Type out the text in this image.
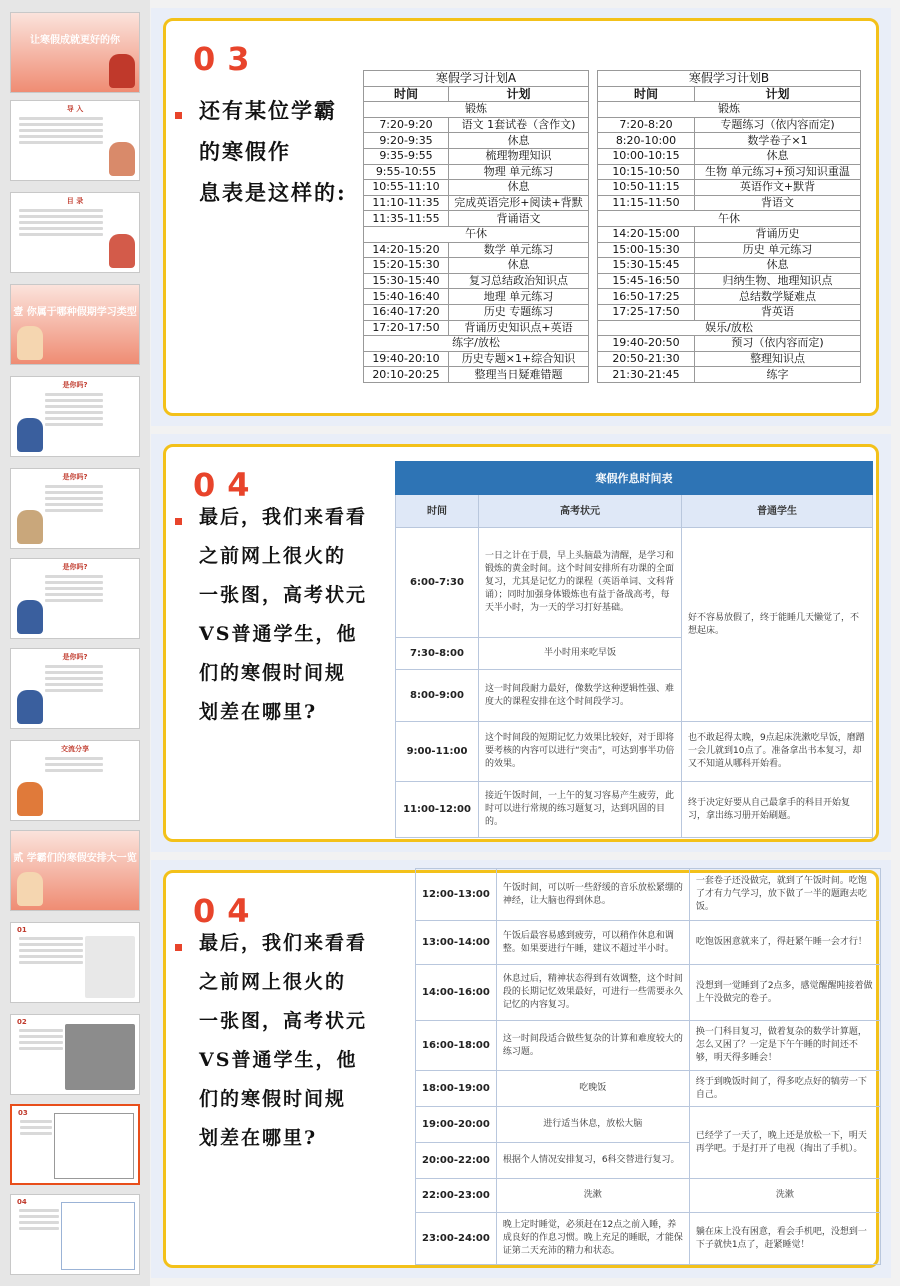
让寒假成就更好的你
导 入
目 录
壹 你属于哪种假期学习类型
是你吗?
是你吗?
是你吗?
是你吗?
交流分享
贰 学霸们的寒假安排大一览
01
02
03
04
03
还有某位学霸
的寒假作
息表是这样的:
寒假学习计划A	
时间	计划
锻炼	
7:20-9:20	语文 1套试卷（含作文)
9:20-9:35	休息
9:35-9:55	梳理物理知识
9:55-10:55	物理 单元练习
10:55-11:10	休息
11:10-11:35	完成英语完形+阅读+背默
11:35-11:55	背诵语文
午休	
14:20-15:20	数学 单元练习
15:20-15:30	休息
15:30-15:40	复习总结政治知识点
15:40-16:40	地理 单元练习
16:40-17:20	历史 专题练习
17:20-17:50	背诵历史知识点+英语
练字/放松	
19:40-20:10	历史专题×1+综合知识
20:10-20:25	整理当日疑难错题
寒假学习计划B	
时间	计划
锻炼	
7:20-8:20	专题练习（依内容而定)
8:20-10:00	数学卷子×1
10:00-10:15	休息
10:15-10:50	生物 单元练习+预习知识重温
10:50-11:15	英语作文+默背
11:15-11:50	背语文
午休	
14:20-15:00	背诵历史
15:00-15:30	历史 单元练习
15:30-15:45	休息
15:45-16:50	归纳生物、地理知识点
16:50-17:25	总结数学疑难点
17:25-17:50	背英语
娱乐/放松	
19:40-20:50	预习（依内容而定)
20:50-21:30	整理知识点
21:30-21:45	练字
04
最后，我们来看看
之前网上很火的
一张图，高考状元
VS普通学生，他
们的寒假时间规
划差在哪里?
寒假作息时间表		
时间	高考状元	普通学生
6:00-7:30	一日之计在于晨，早上头脑最为清醒，是学习和锻炼的黄金时间。这个时间安排所有功课的全面复习，尤其是记忆力的课程（英语单词、文科背诵）；同时加强身体锻炼也有益于备战高考，每天半小时，为一天的学习打好基础。	好不容易放假了，终于能睡几天懒觉了，不想起床。
7:30-8:00	半小时用来吃早饭	
8:00-9:00	这一时间段耐力最好，像数学这种逻辑性强、难度大的课程安排在这个时间段学习。	
9:00-11:00	这个时间段的短期记忆力效果比较好，对于即将要考核的内容可以进行“突击”，可达到事半功倍的效果。	也不敢起得太晚，9点起床洗漱吃早饭，磨蹭一会儿就到10点了。准备拿出书本复习，却又不知道从哪科开始看。
11:00-12:00	接近午饭时间，一上午的复习容易产生疲劳，此时可以进行常规的练习题复习，达到巩固的目的。	终于决定好要从自己最拿手的科目开始复习，拿出练习册开始刷题。
04
最后，我们来看看
之前网上很火的
一张图，高考状元
VS普通学生，他
们的寒假时间规
划差在哪里?
12:00-13:00	午饭时间，可以听一些舒缓的音乐放松紧绷的神经，让大脑也得到休息。	一套卷子还没做完，就到了午饭时间。吃饱了才有力气学习，放下做了一半的题跑去吃饭。
13:00-14:00	午饭后最容易感到疲劳，可以稍作休息和调整。如果要进行午睡，建议不超过半小时。	吃饱饭困意就来了，得赶紧午睡一会才行！
14:00-16:00	休息过后，精神状态得到有效调整，这个时间段的长期记忆效果最好，可进行一些需要永久记忆的内容复习。	没想到一觉睡到了2点多，感觉醒醒盹接着做上午没做完的卷子。
16:00-18:00	这一时间段适合做些复杂的计算和难度较大的练习题。	换一门科目复习，做着复杂的数学计算题，怎么又困了？一定是下午午睡的时间还不够，明天得多睡会！
18:00-19:00	吃晚饭	终于到晚饭时间了，得多吃点好的犒劳一下自己。
19:00-20:00	进行适当休息，放松大脑	已经学了一天了，晚上还是放松一下，明天再学吧。于是打开了电视（掏出了手机）。
20:00-22:00	根据个人情况安排复习，6科交替进行复习。	
22:00-23:00	洗漱	洗漱
23:00-24:00	晚上定时睡觉，必须赶在12点之前入睡，养成良好的作息习惯。晚上充足的睡眠，才能保证第二天充沛的精力和状态。	躺在床上没有困意，看会手机吧，没想到一下子就快1点了，赶紧睡觉！
